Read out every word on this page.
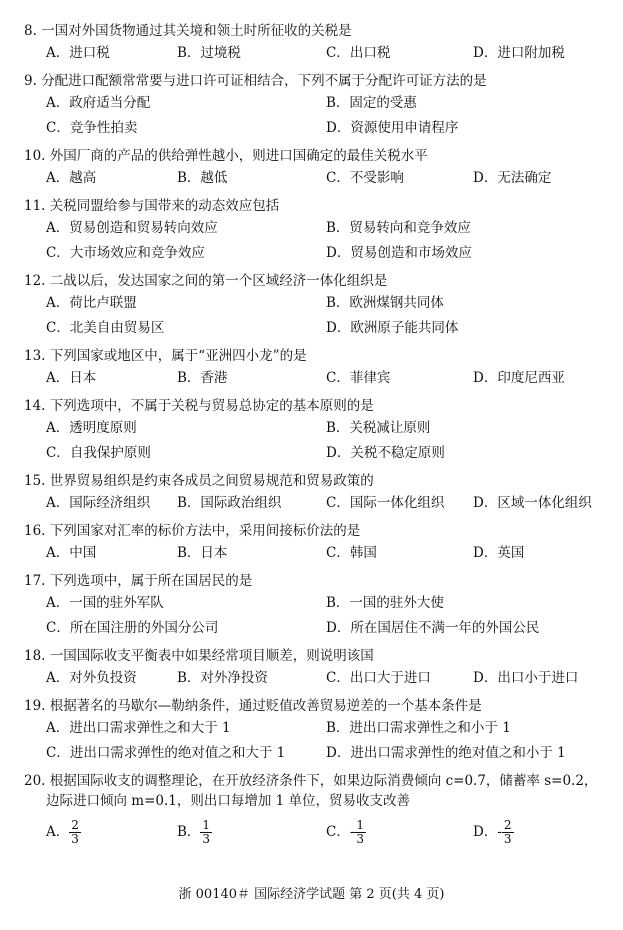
8. 一国对外国货物通过其关境和领土时所征收的关税是
A．进口税	B．过境税	C．出口税	D．进口附加税
9. 分配进口配额常常要与进口许可证相结合，下列不属于分配许可证方法的是
A．政府适当分配	B．固定的受惠
C．竞争性拍卖	D．资源使用申请程序
10. 外国厂商的产品的供给弹性越小，则进口国确定的最佳关税水平
A．越高	B．越低	C．不受影响	D．无法确定
11. 关税同盟给参与国带来的动态效应包括
A．贸易创造和贸易转向效应	B．贸易转向和竞争效应
C．大市场效应和竞争效应	D．贸易创造和市场效应
12. 二战以后，发达国家之间的第一个区域经济一体化组织是
A．荷比卢联盟	B．欧洲煤钢共同体
C．北美自由贸易区	D．欧洲原子能共同体
13. 下列国家或地区中，属于“亚洲四小龙”的是
A．日本	B．香港	C．菲律宾	D．印度尼西亚
14. 下列选项中，不属于关税与贸易总协定的基本原则的是
A．透明度原则	B．关税减让原则
C．自我保护原则	D．关税不稳定原则
15. 世界贸易组织是约束各成员之间贸易规范和贸易政策的
A．国际经济组织 B．国际政治组织	C．国际一体化组织 D．区域一体化组织
16. 下列国家对汇率的标价方法中，采用间接标价法的是
A．中国	B．日本	C．韩国	D．英国
17. 下列选项中，属于所在国居民的是
A．一国的驻外军队	B．一国的驻外大使
C．所在国注册的外国分公司	D．所在国居住不满一年的外国公民
18. 一国国际收支平衡表中如果经常项目顺差，则说明该国
A．对外负投资	B．对外净投资	C．出口大于进口	D．出口小于进口
19. 根据著名的马歇尔—勒纳条件，通过贬值改善贸易逆差的一个基本条件是
A．进出口需求弹性之和大于 1	B．进出口需求弹性之和小于 1
C．进出口需求弹性的绝对值之和大于 1	D．进出口需求弹性的绝对值之和小于 1
20. 根据国际收支的调整理论，在开放经济条件下，如果边际消费倾向 c=0.7，储蓄率 s=0.2，
边际进口倾向 m=0.1，则出口每增加 1 单位，贸易收支改善
A． $\frac{2}{3}$	B． $\frac{1}{3}$	C．- $\frac{1}{3}$	D．- $\frac{2}{3}$
浙 00140＃ 国际经济学试题 第 2 页(共 4 页)
